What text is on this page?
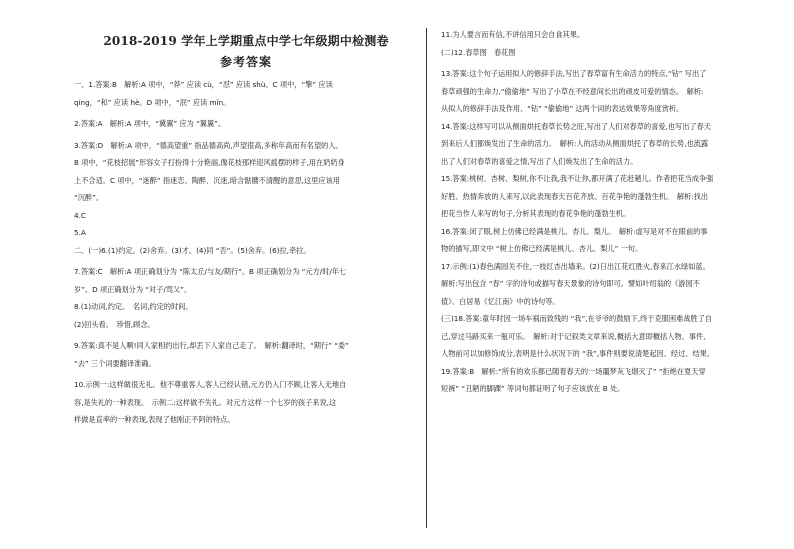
2018-2019 学年上学期重点中学七年级期中检测卷
参考答案

一、1.答案:B　解析:A 项中，“莽” 应读 cù，“怼” 应读 shù。C 项中，“擎” 应读

qíng，“和” 应读 hè。D 项中，“泯” 应读 mǐn。

2.答案:A　解析:A 项中，“冀翼” 应为 “翼翼”。

3.答案:D　解析:A 项中，“德高望重” 指品德高尚,声望很高,多称年高而有名望的人。

B 项中，“花枝招展”形容女子打扮得十分艳丽,像花枝那样迎风摇摆的样子,用在奶奶身

上不合适。C 项中，“迷醉” 指迷恋、陶醉、沉迷,暗含骷髅不清醒的意思,这里应该用

“沉醉”。

4.C

5.A

二、(一)6.(1)约定。(2)舍弃。(3)才。(4)同 “否”。(5)舍弃。(6)拉,牵拉。

7.答案:C　解析:A 项正确划分为 “陈太丘/与友/期行”。B 项正确划分为 “元方/时/年七

岁”。D 项正确划分为 “对子/骂父”。

8.(1)动词,约定。　名词,约定的时间。

(2)回头看。　珍惜,顾念。

9.答案:真不是人啊!同人家相约出行,却丢下人家自己走了。　解析:翻译时，“期行” “委”

“去” 三个词要翻译准确。

10.示例一:这样做很无礼。他不尊重客人,客人已经认错,元方仍入门不顾,让客人无地自

容,是失礼的一种表现。　示例二:这样做不失礼。对元方这样一个七岁的孩子来说,这

样做是直率的一种表现,表现了他刚正不阿的特点。

11.为人要言而有信,不讲信用只会自食其果。

(二)12.春草图　春花图

13.答案:这个句子运用拟人的修辞手法,写出了春草富有生命活力的特点,“钻” 写出了

春草顽强的生命力,“偷偷地” 写出了小草在不经意间长出的顽皮可爱的情态。　解析:

从拟人的修辞手法及作用、“钻” “偷偷地” 这两个词的表达效果等角度赏析。

14.答案:这样写可以从侧面烘托春草长势之旺,写出了人们对春草的喜爱,也写出了春天

到来后人们都焕发出了生命的活力。　解析:人的活动从侧面烘托了春草的长势,也流露

出了人们对春草的喜爱之情,写出了人们焕发出了生命的活力。

15.答案:桃树、杏树、梨树,你不让我,我不让你,都开满了花赶趟儿。作者把花当成争强

好胜、热情奔放的人来写,以此表现春天百花齐放、百花争艳的蓬勃生机。　解析:找出

把花当作人来写的句子,分析其表现的春花争艳的蓬勃生机。

16.答案:闭了眼,树上仿佛已经满是桃儿、杏儿、梨儿。　解析:虚写是对不在眼前的事

物的描写,即文中 “树上仿佛已经满是桃儿、杏儿、梨儿” 一句。

17.示例:(1)春色满园关不住,一枝红杏出墙来。(2)日出江花红胜火,春来江水绿如蓝。

解析:写出包含 “春” 字的诗句或描写春天景象的诗句即可。譬如叶绍翁的《游园不

值》、白居易《忆江南》中的诗句等。

(三)18.答案:童年时因一场车祸而致残的 “我”,在爷爷的鼓励下,终于克服困难战胜了自

己,穿过马路买来一瓶可乐。　解析:对于记叙类文章来说,概括大意即概括人物、事件,

人物前可以加修饰成分,表明是什么状况下的 “我”,事件则要说清楚起因、经过、结果。

19.答案:B　解析:“所有的欢乐都已随着春天的一场噩梦灰飞烟灭了” “拒绝在夏天穿

短裤” “丑陋的脚踝” 等词句都证明了句子应该放在 B 处。
